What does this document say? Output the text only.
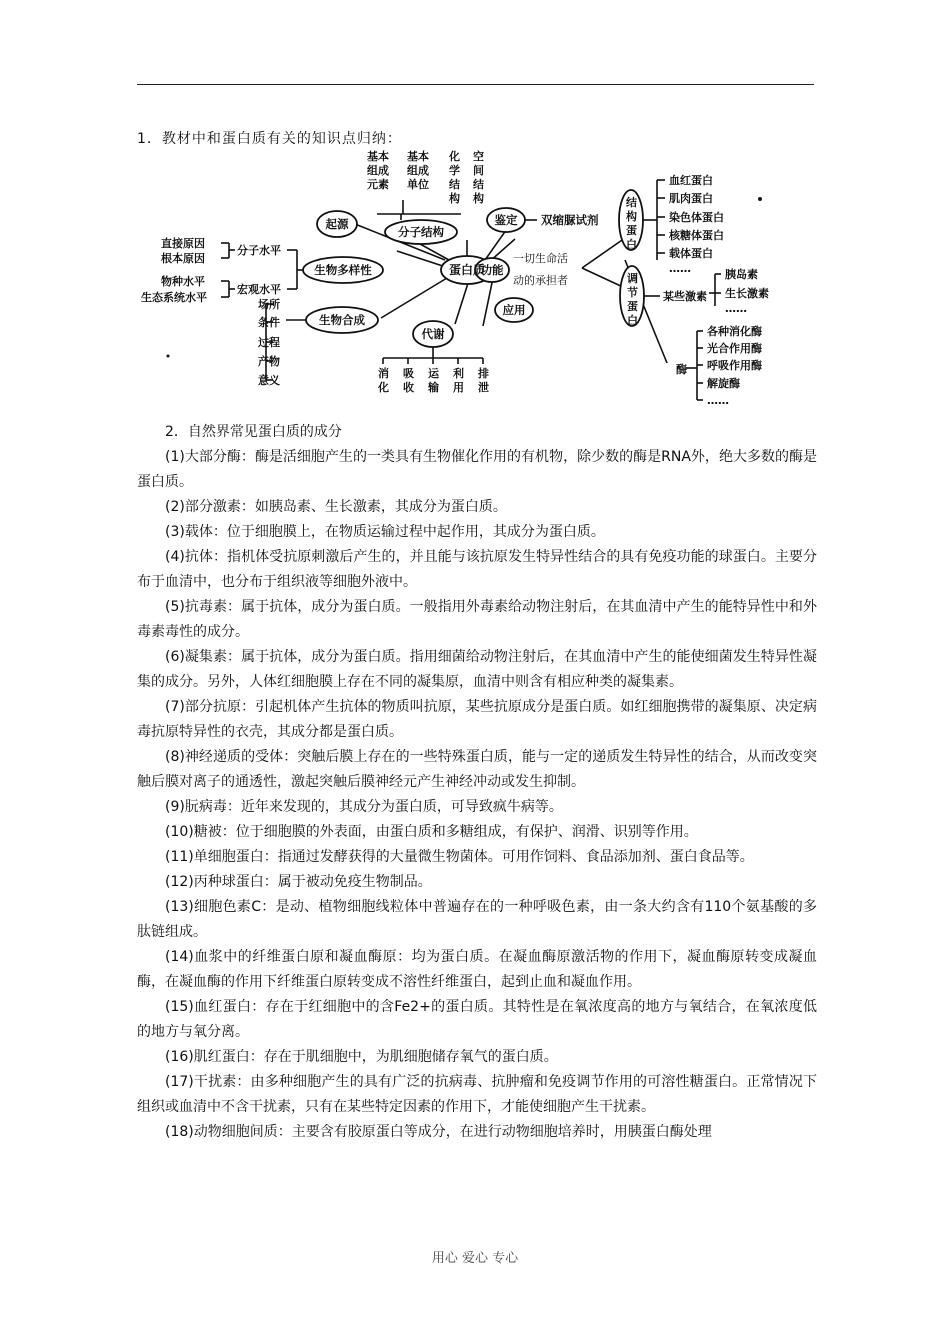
1．教材中和蛋白质有关的知识点归纳：
蛋白质
起源
分子结构
鉴定 双缩脲试剂
生物多样性	功能
一切生命活
动的承担者
生物合成
代谢
应用
基本组成元素
基本组成单位
化学结构
空间结构
直接原因
根本原因
物种水平
生态系统水平
分子水平
宏观水平
场所
条件
过程
产物
意义
消化
吸收
运输
利用
排泄
结构蛋白
调节蛋白
血红蛋白
肌肉蛋白
染色体蛋白
核糖体蛋白
载体蛋白
……
某些激素
胰岛素
生长激素
……
酶
各种消化酶
光合作用酶
呼吸作用酶
解旋酶
……

2．自然界常见蛋白质的成分

(1)大部分酶：酶是活细胞产生的一类具有生物催化作用的有机物，除少数的酶是RNA外，绝大多数的酶是蛋白质。

(2)部分激素：如胰岛素、生长激素，其成分为蛋白质。

(3)载体：位于细胞膜上，在物质运输过程中起作用，其成分为蛋白质。

(4)抗体：指机体受抗原刺激后产生的，并且能与该抗原发生特异性结合的具有免疫功能的球蛋白。主要分布于血清中，也分布于组织液等细胞外液中。

(5)抗毒素：属于抗体，成分为蛋白质。一般指用外毒素给动物注射后，在其血清中产生的能特异性中和外毒素毒性的成分。

(6)凝集素：属于抗体，成分为蛋白质。指用细菌给动物注射后，在其血清中产生的能使细菌发生特异性凝集的成分。另外，人体红细胞膜上存在不同的凝集原，血清中则含有相应种类的凝集素。

(7)部分抗原：引起机体产生抗体的物质叫抗原，某些抗原成分是蛋白质。如红细胞携带的凝集原、决定病毒抗原特异性的衣壳，其成分都是蛋白质。

(8)神经递质的受体：突触后膜上存在的一些特殊蛋白质，能与一定的递质发生特异性的结合，从而改变突触后膜对离子的通透性，激起突触后膜神经元产生神经冲动或发生抑制。

(9)朊病毒：近年来发现的，其成分为蛋白质，可导致疯牛病等。

(10)糖被：位于细胞膜的外表面，由蛋白质和多糖组成，有保护、润滑、识别等作用。

(11)单细胞蛋白：指通过发酵获得的大量微生物菌体。可用作饲料、食品添加剂、蛋白食品等。

(12)丙种球蛋白：属于被动免疫生物制品。

(13)细胞色素C：是动、植物细胞线粒体中普遍存在的一种呼吸色素，由一条大约含有110个氨基酸的多肽链组成。

(14)血浆中的纤维蛋白原和凝血酶原：均为蛋白质。在凝血酶原激活物的作用下，凝血酶原转变成凝血酶，在凝血酶的作用下纤维蛋白原转变成不溶性纤维蛋白，起到止血和凝血作用。

(15)血红蛋白：存在于红细胞中的含Fe2+的蛋白质。其特性是在氧浓度高的地方与氧结合，在氧浓度低的地方与氧分离。

(16)肌红蛋白：存在于肌细胞中，为肌细胞储存氧气的蛋白质。

(17)干扰素：由多种细胞产生的具有广泛的抗病毒、抗肿瘤和免疫调节作用的可溶性糖蛋白。正常情况下组织或血清中不含干扰素，只有在某些特定因素的作用下，才能使细胞产生干扰素。

(18)动物细胞间质：主要含有胶原蛋白等成分，在进行动物细胞培养时，用胰蛋白酶处理

用心 爱心 专心
